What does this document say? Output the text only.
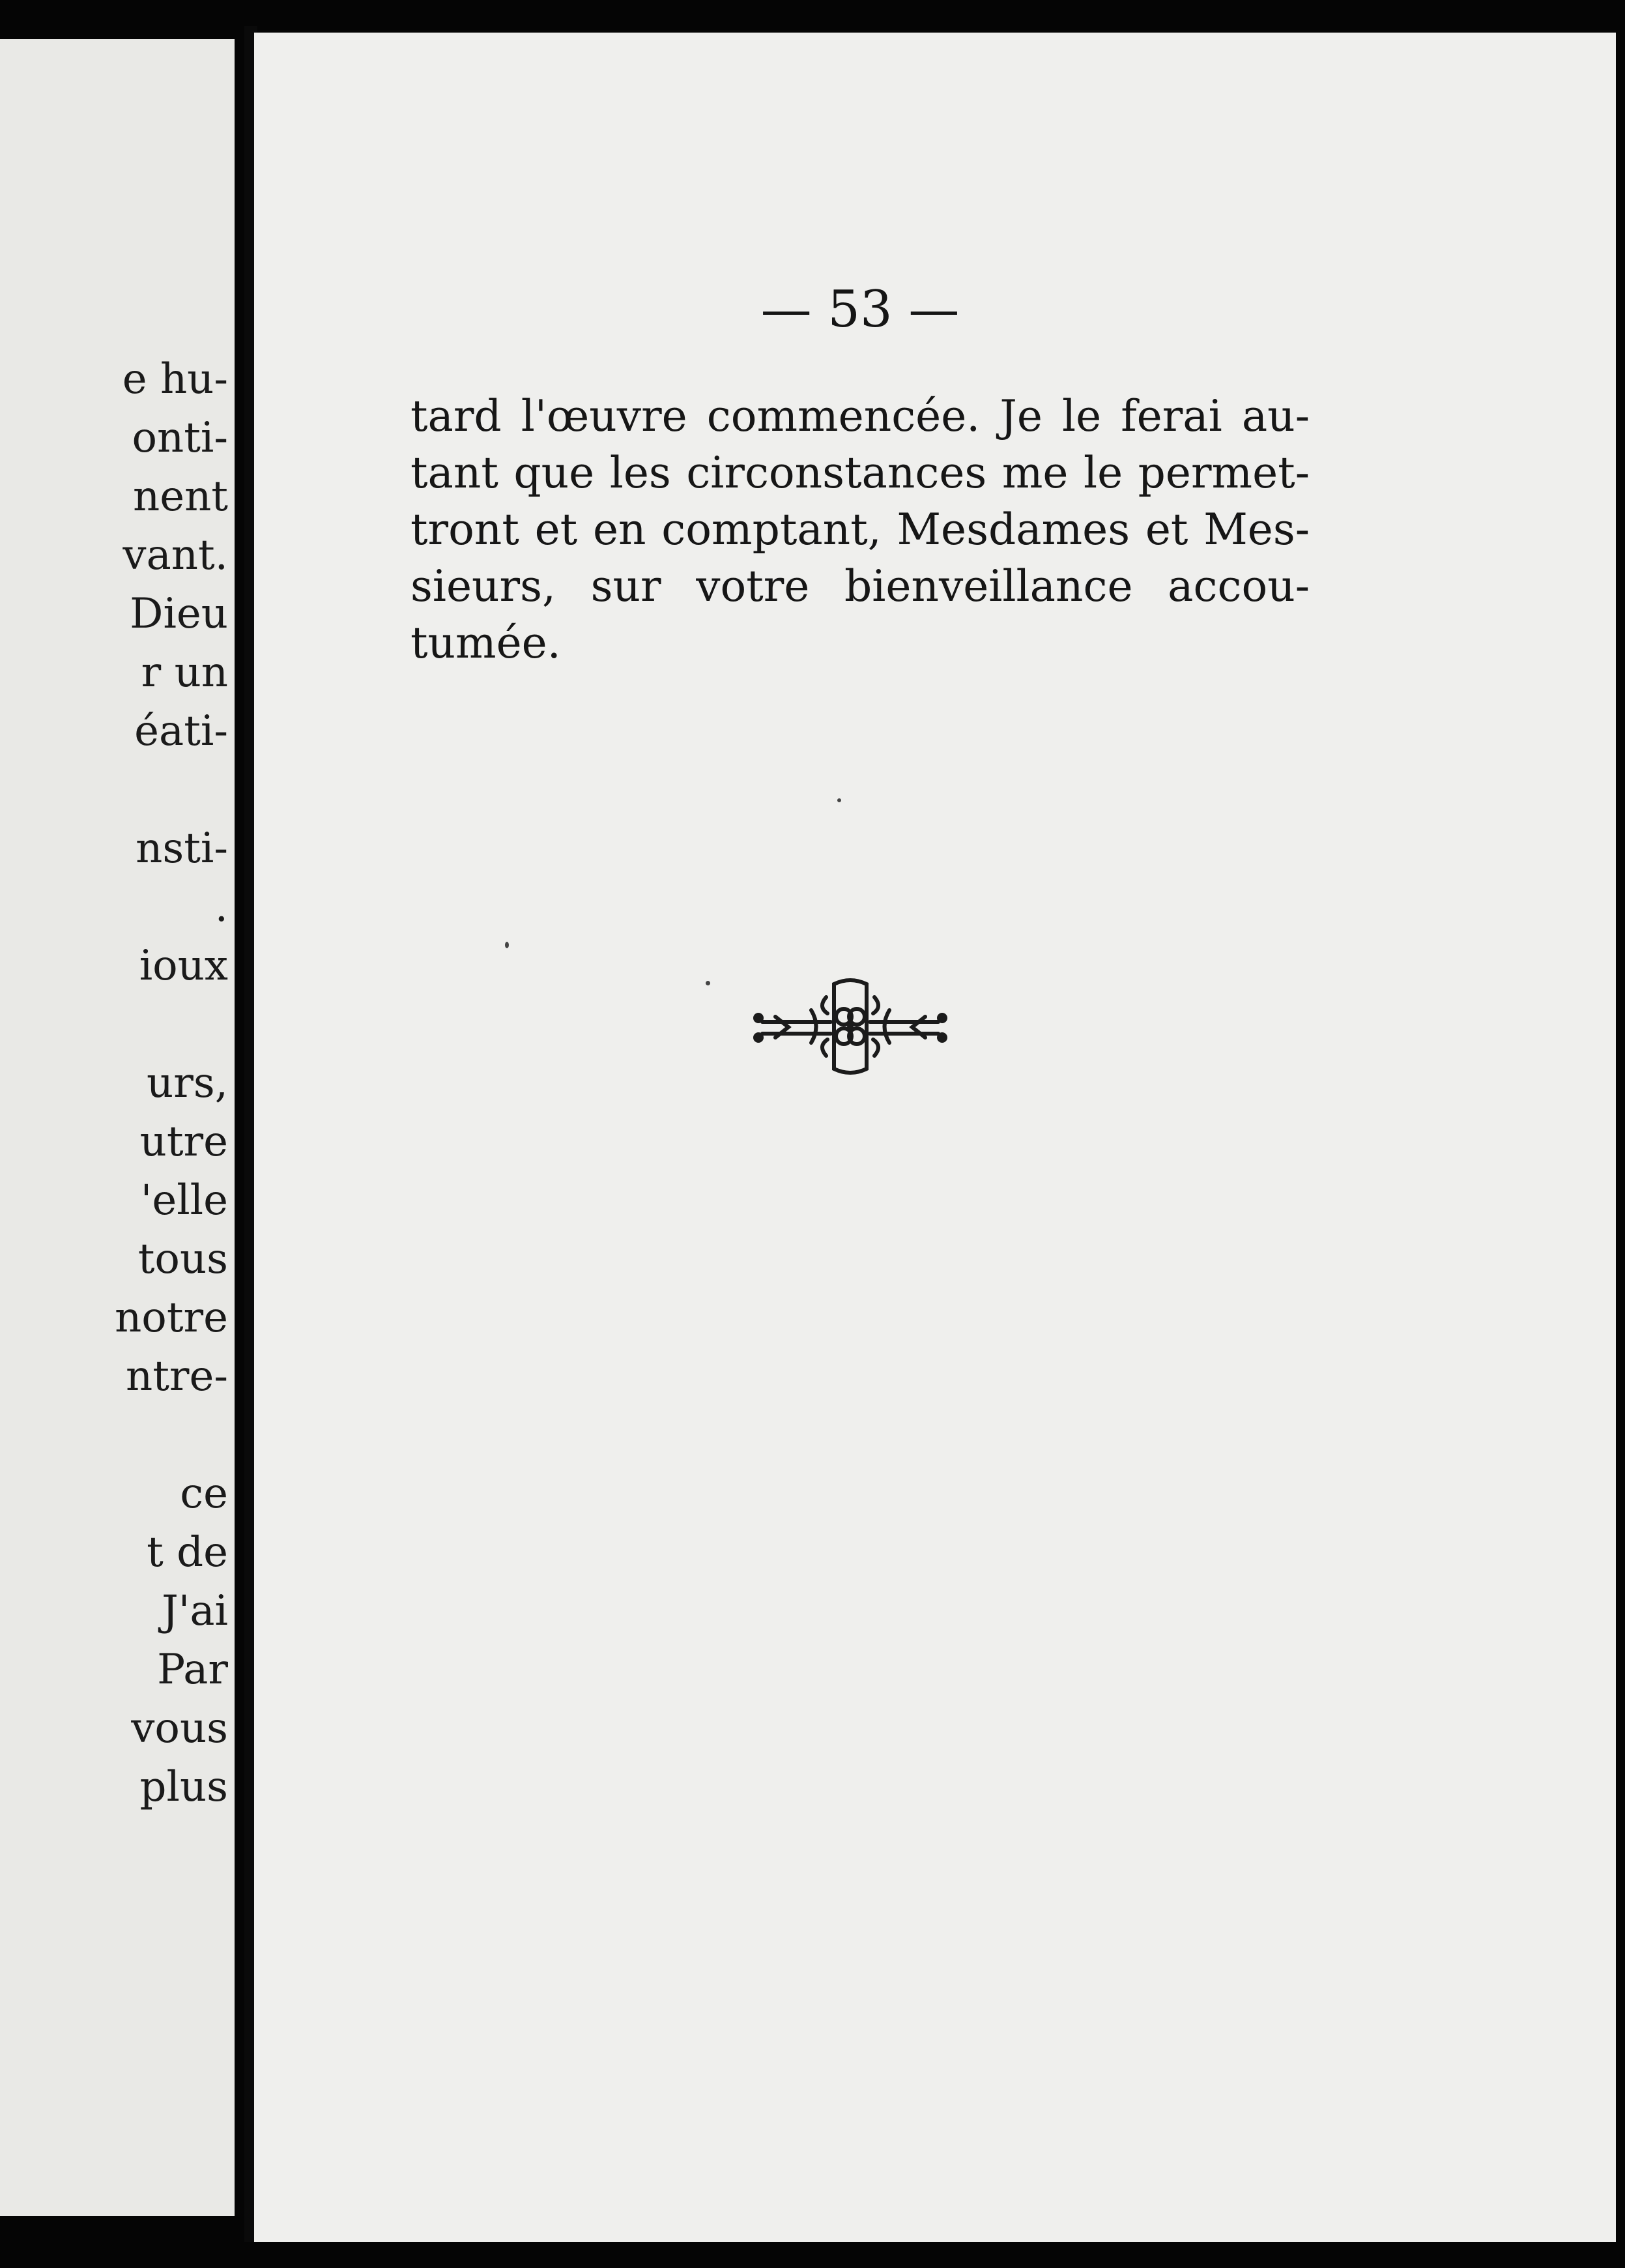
e hu-
onti-
nent
vant.
Dieu
r un
éati-
nsti-
.
ioux
urs,
utre
'elle
tous
notre
ntre-
ce
t de
J'ai
Par
vous
plus
— 53 —
tard l'œuvre commencée. Je le ferai au-
tant que les circonstances me le permet-
tront et en comptant, Mesdames et Mes-
sieurs, sur votre bienveillance accou-
tumée.
